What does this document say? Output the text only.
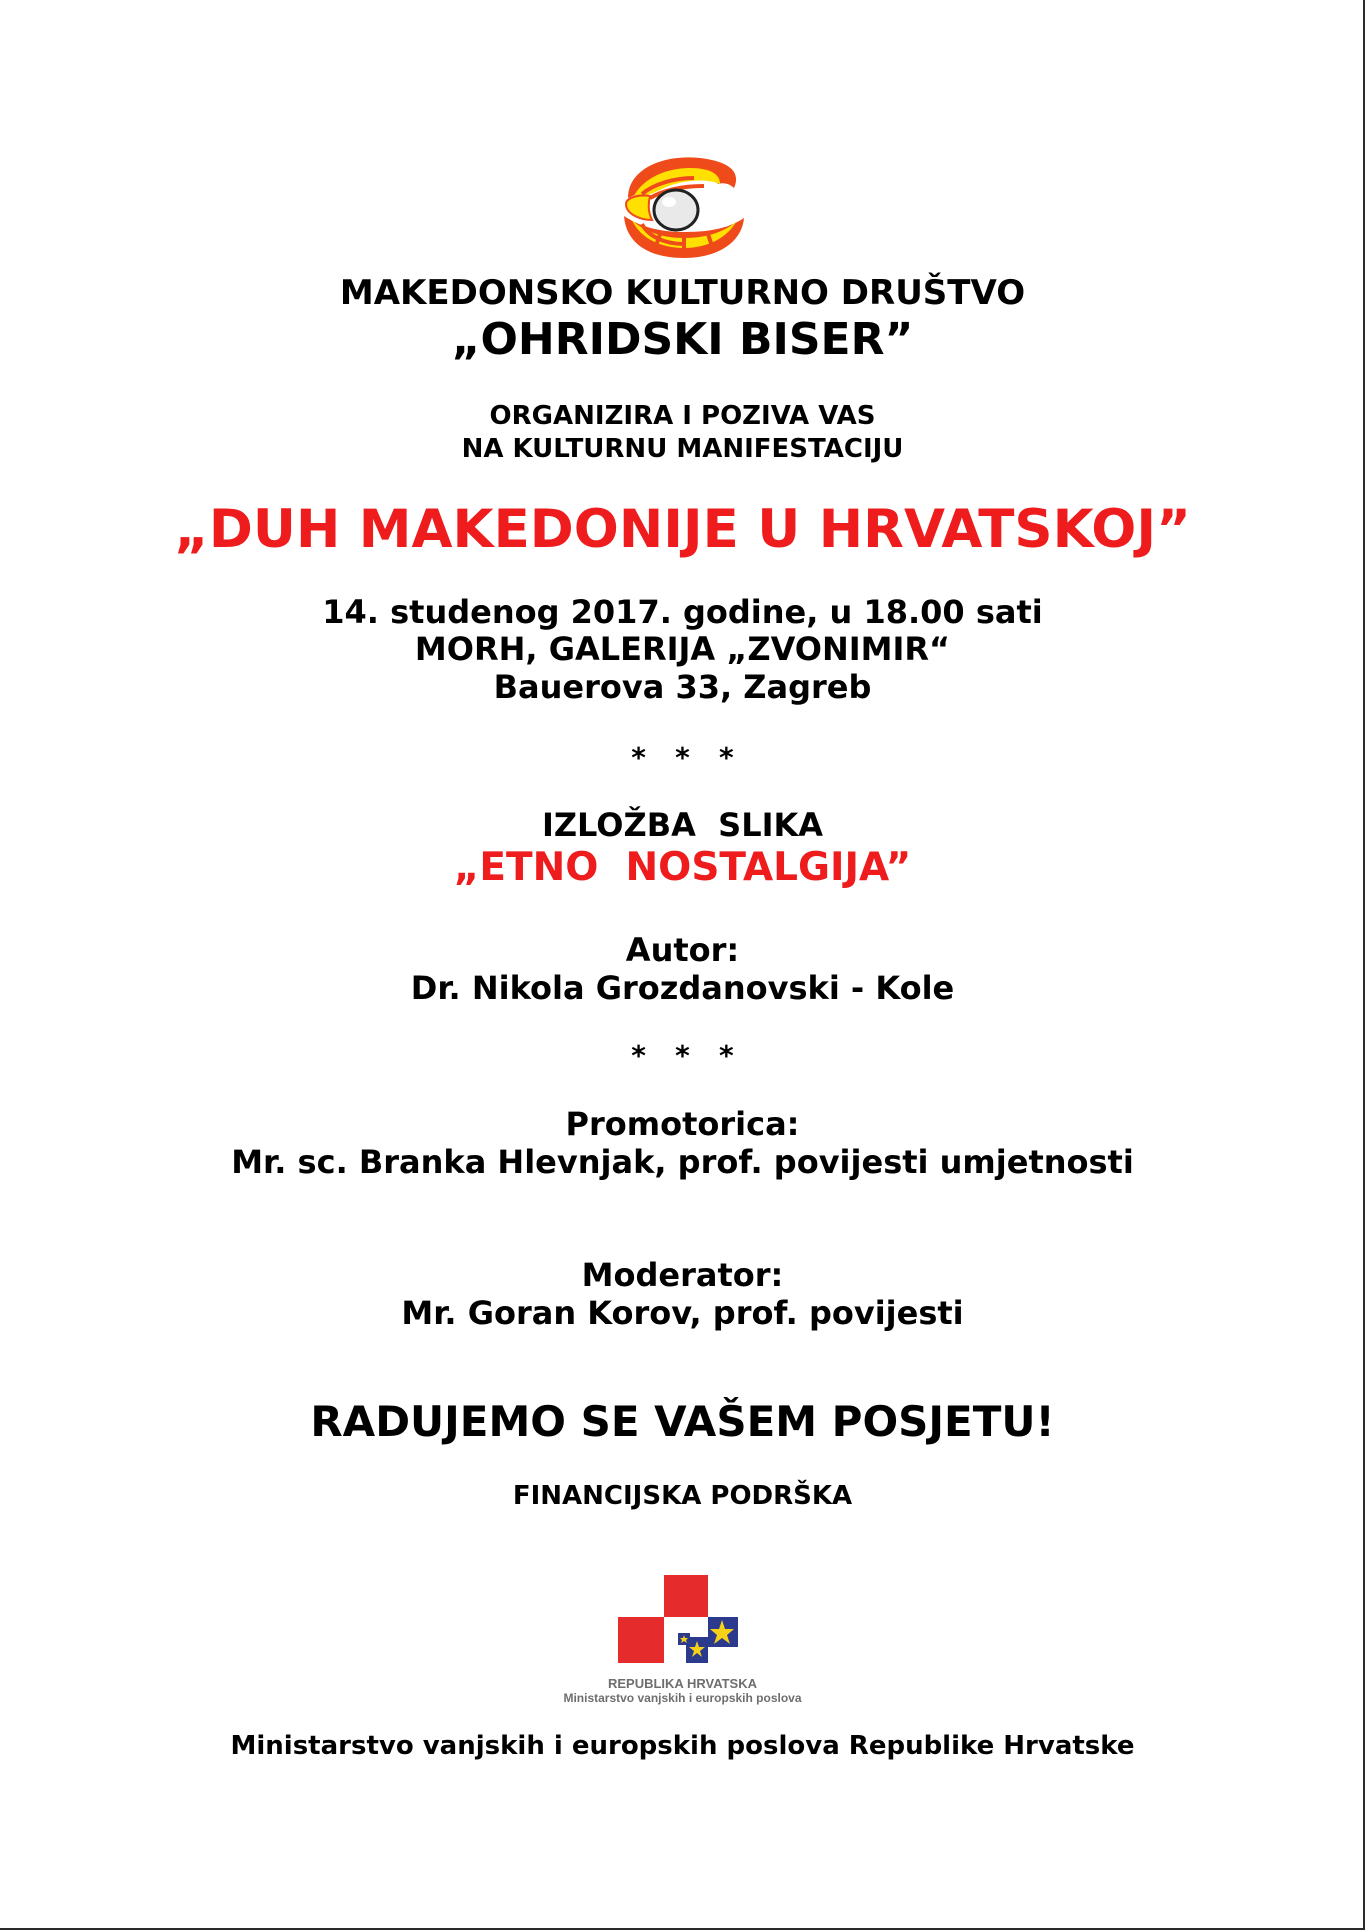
MAKEDONSKO KULTURNO DRUŠTVO
„OHRIDSKI BISER”
ORGANIZIRA I POZIVA VAS
NA KULTURNU MANIFESTACIJU
„DUH MAKEDONIJE U HRVATSKOJ”
14. studenog 2017. godine, u 18.00 sati
MORH, GALERIJA „ZVONIMIR“
Bauerova 33, Zagreb
*   *   *
IZLOŽBA  SLIKA
„ETNO  NOSTALGIJA”
Autor:
Dr. Nikola Grozdanovski - Kole
*   *   *
Promotorica:
Mr. sc. Branka Hlevnjak, prof. povijesti umjetnosti
Moderator:
Mr. Goran Korov, prof. povijesti
RADUJEMO SE VAŠEM POSJETU!
FINANCIJSKA PODRŠKA
REPUBLIKA HRVATSKA
Ministarstvo vanjskih i europskih poslova
Ministarstvo vanjskih i europskih poslova Republike Hrvatske
